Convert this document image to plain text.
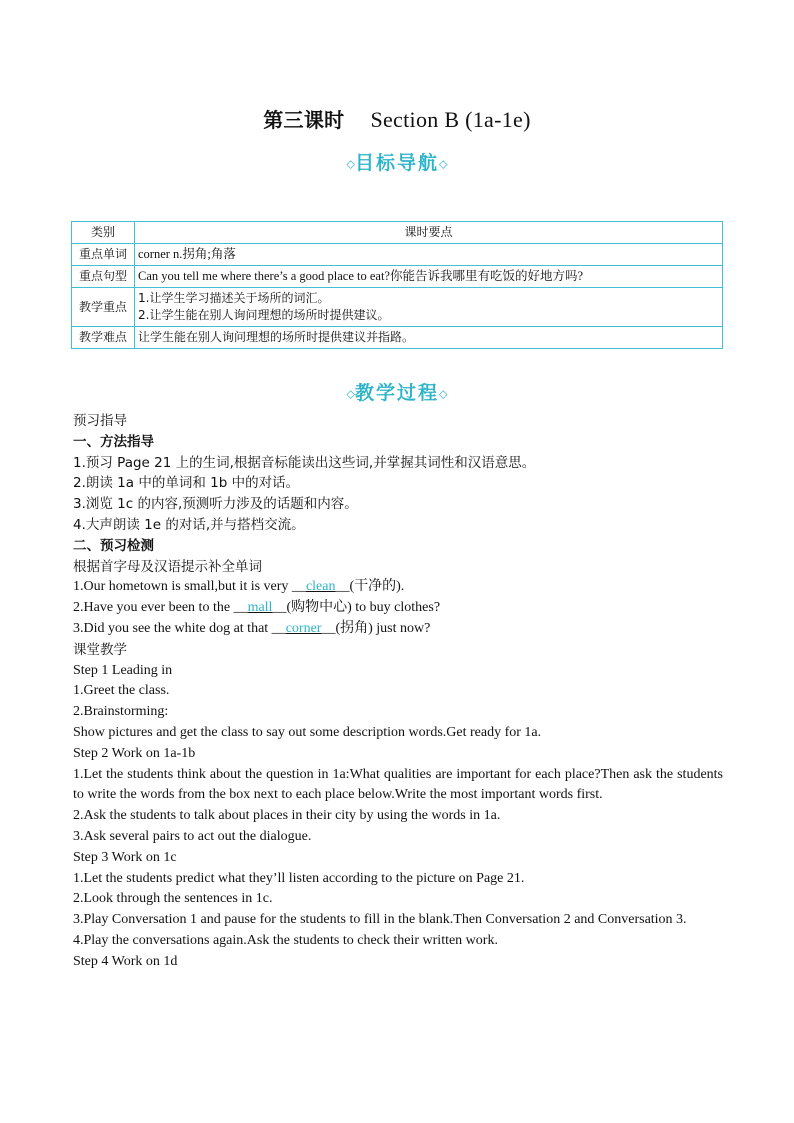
第三课时 Section B (1a-1e)
◇目标导航◇
类别	课时要点
重点单词	corner n.拐角;角落
重点句型	Can you tell me where there’s a good place to eat?你能告诉我哪里有吃饭的好地方吗?
教学重点	1.让学生学习描述关于场所的词汇。
2.让学生能在别人询问理想的场所时提供建议。

教学难点	让学生能在别人询问理想的场所时提供建议并指路。
◇教学过程◇
预习指导
一、方法指导
1.预习 Page 21 上的生词,根据音标能读出这些词,并掌握其词性和汉语意思。
2.朗读 1a 中的单词和 1b 中的对话。
3.浏览 1c 的内容,预测听力涉及的话题和内容。
4.大声朗读 1e 的对话,并与搭档交流。
二、预习检测
根据首字母及汉语提示补全单词
1.Our hometown is small,but it is very __clean__(干净的).
2.Have you ever been to the __mall__(购物中心) to buy clothes?
3.Did you see the white dog at that __corner__(拐角) just now?
课堂教学
Step 1 Leading in
1.Greet the class.
2.Brainstorming:
Show pictures and get the class to say out some description words.Get ready for 1a.
Step 2 Work on 1a-1b
1.Let the students think about the question in 1a:What qualities are important for each place?Then ask the students to write the words from the box next to each place below.Write the most important words first.
2.Ask the students to talk about places in their city by using the words in 1a.
3.Ask several pairs to act out the dialogue.
Step 3 Work on 1c
1.Let the students predict what they’ll listen according to the picture on Page 21.
2.Look through the sentences in 1c.
3.Play Conversation 1 and pause for the students to fill in the blank.Then Conversation 2 and Conversation 3.
4.Play the conversations again.Ask the students to check their written work.
Step 4 Work on 1d
